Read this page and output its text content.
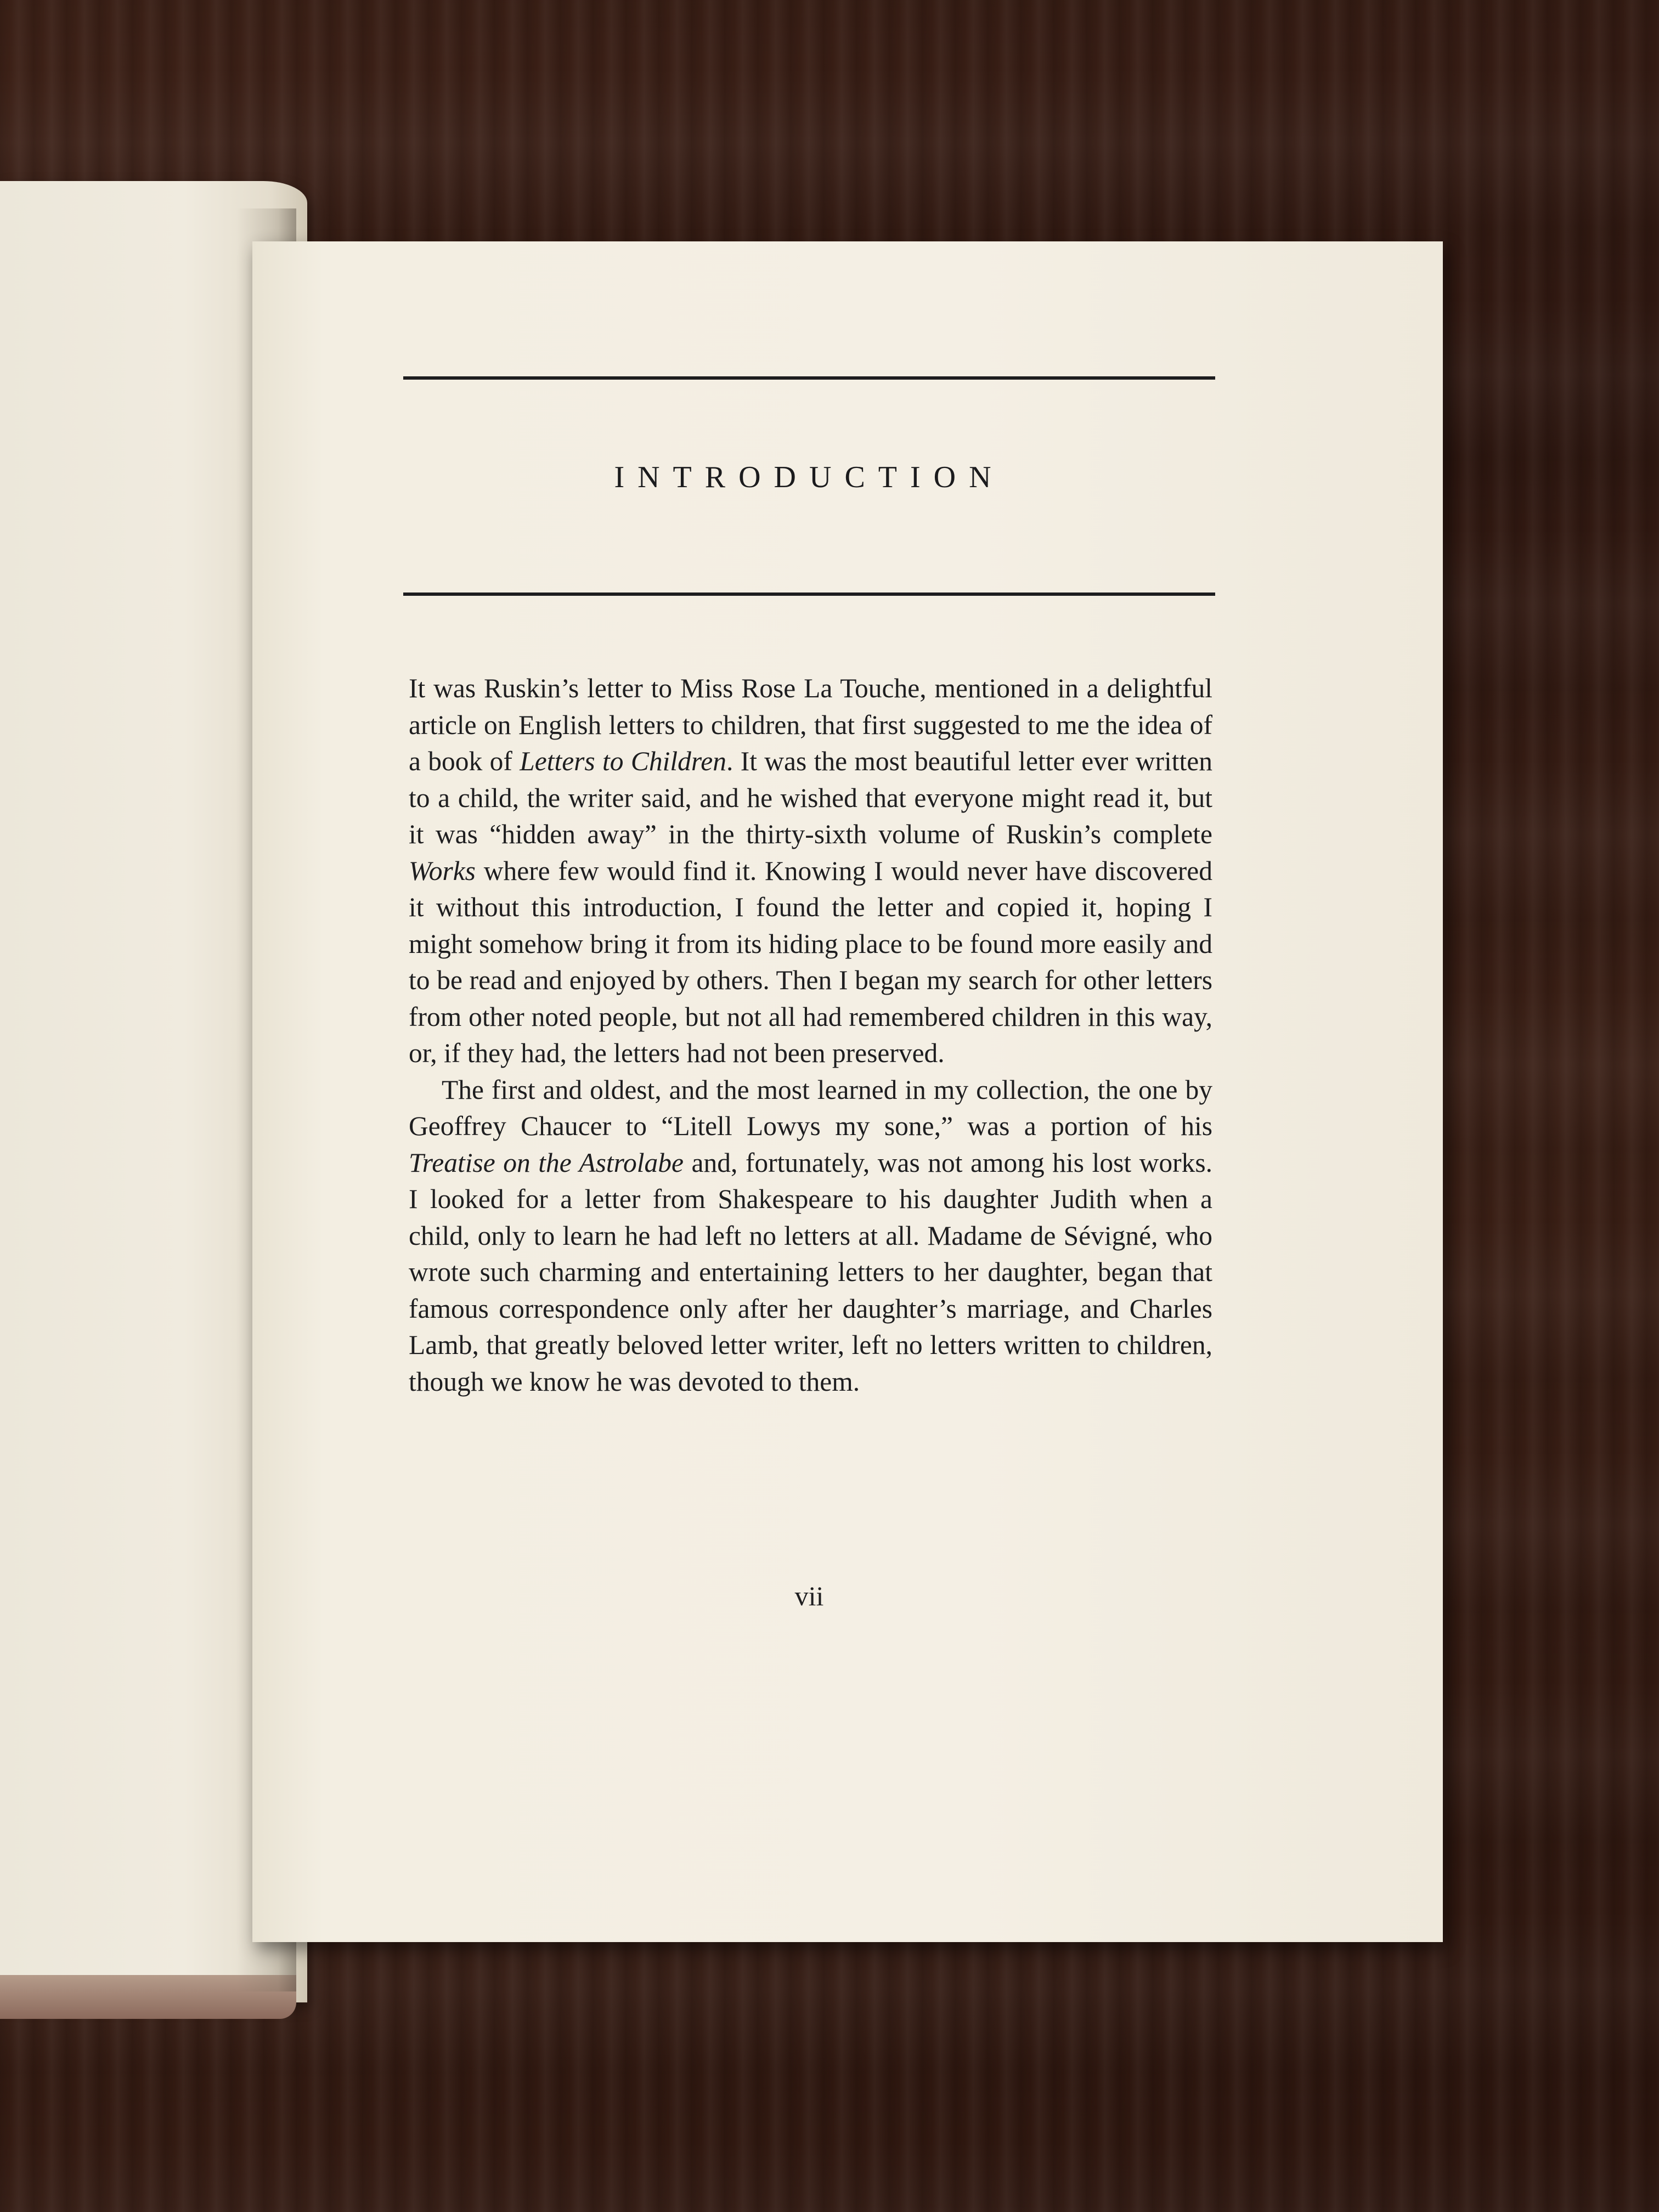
INTRODUCTION

It was Ruskin’s letter to Miss Rose La Touche, mentioned in a delightful article on English letters to children, that first suggested to me the idea of a book of Letters to Children. It was the most beautiful letter ever written to a child, the writer said, and he wished that everyone might read it, but it was “hidden away” in the thirty-sixth volume of Ruskin’s complete Works where few would find it. Knowing I would never have discovered it without this introduction, I found the letter and copied it, hoping I might somehow bring it from its hiding place to be found more easily and to be read and enjoyed by others. Then I began my search for other letters from other noted people, but not all had remembered children in this way, or, if they had, the letters had not been preserved.

The first and oldest, and the most learned in my collection, the one by Geoffrey Chaucer to “Litell Lowys my sone,” was a portion of his Treatise on the Astrolabe and, fortunately, was not among his lost works. I looked for a letter from Shakespeare to his daughter Judith when a child, only to learn he had left no letters at all. Madame de Sévigné, who wrote such charming and entertaining letters to her daughter, began that famous correspondence only after her daughter’s marriage, and Charles Lamb, that greatly beloved letter writer, left no letters written to children, though we know he was devoted to them.

vii
